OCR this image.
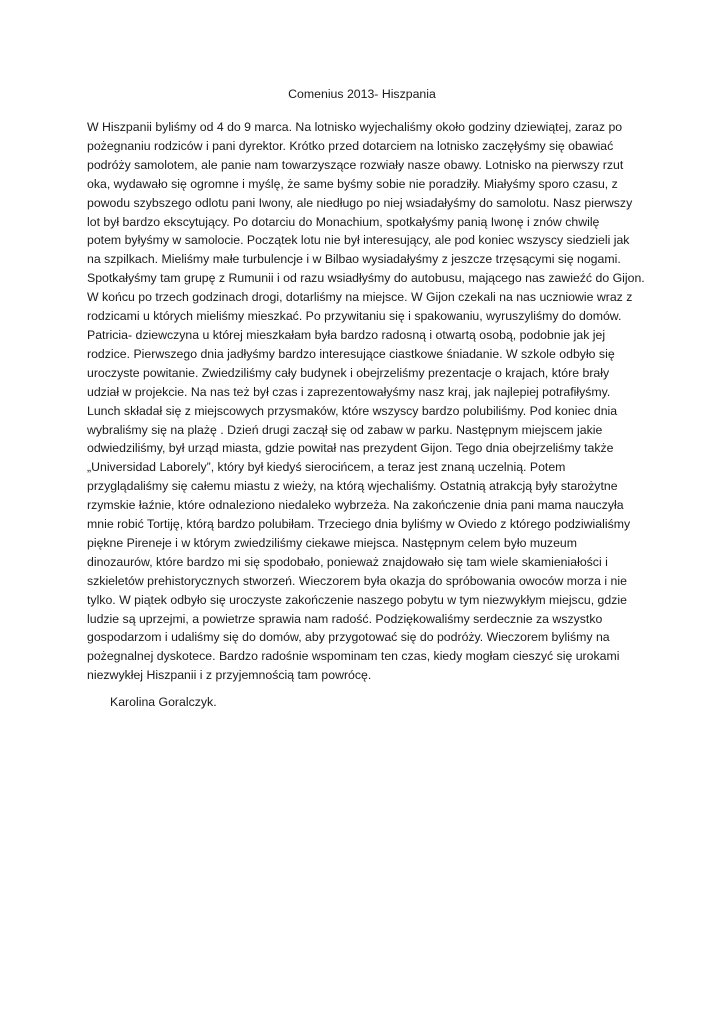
Comenius 2013- Hiszpania

W Hiszpanii byliśmy od 4 do 9 marca. Na lotnisko wyjechaliśmy około godziny dziewiątej, zaraz po
pożegnaniu rodziców i pani dyrektor. Krótko przed dotarciem na lotnisko zaczęłyśmy się obawiać
podróży samolotem, ale panie nam towarzyszące rozwiały nasze obawy. Lotnisko na pierwszy rzut
oka, wydawało się ogromne i myślę, że same byśmy sobie nie poradziły. Miałyśmy sporo czasu, z
powodu szybszego odlotu pani Iwony, ale niedługo po niej wsiadałyśmy do samolotu. Nasz pierwszy
lot był bardzo ekscytujący. Po dotarciu do Monachium, spotkałyśmy panią Iwonę i znów chwilę
potem byłyśmy w samolocie. Początek lotu nie był interesujący, ale pod koniec wszyscy siedzieli jak
na szpilkach. Mieliśmy małe turbulencje i w Bilbao wysiadałyśmy z jeszcze trzęsącymi się nogami.
Spotkałyśmy tam grupę z Rumunii i od razu wsiadłyśmy do autobusu, mającego nas zawieźć do Gijon.
W końcu po trzech godzinach drogi, dotarliśmy na miejsce. W Gijon czekali na nas uczniowie wraz z
rodzicami u których mieliśmy mieszkać. Po przywitaniu się i spakowaniu, wyruszyliśmy do domów.
Patricia- dziewczyna u której mieszkałam była bardzo radosną i otwartą osobą, podobnie jak jej
rodzice. Pierwszego dnia jadłyśmy bardzo interesujące ciastkowe śniadanie. W szkole odbyło się
uroczyste powitanie. Zwiedziliśmy cały budynek i obejrzeliśmy prezentacje o krajach, które brały
udział w projekcie. Na nas też był czas i zaprezentowałyśmy nasz kraj, jak najlepiej potrafiłyśmy.
Lunch składał się z miejscowych przysmaków, które wszyscy bardzo polubiliśmy. Pod koniec dnia
wybraliśmy się na plażę . Dzień drugi zaczął się od zabaw w parku. Następnym miejscem jakie
odwiedziliśmy, był urząd miasta, gdzie powitał nas prezydent Gijon. Tego dnia obejrzeliśmy także
„Universidad Laborely”, który był kiedyś sierocińcem, a teraz jest znaną uczelnią. Potem
przyglądaliśmy się całemu miastu z wieży, na którą wjechaliśmy. Ostatnią atrakcją były starożytne
rzymskie łaźnie, które odnaleziono niedaleko wybrzeża. Na zakończenie dnia pani mama nauczyła
mnie robić Tortiję, którą bardzo polubiłam. Trzeciego dnia byliśmy w Oviedo z którego podziwialiśmy
piękne Pireneje i w którym zwiedziliśmy ciekawe miejsca. Następnym celem było muzeum
dinozaurów, które bardzo mi się spodobało, ponieważ znajdowało się tam wiele skamieniałości i
szkieletów prehistorycznych stworzeń. Wieczorem była okazja do spróbowania owoców morza i nie
tylko. W piątek odbyło się uroczyste zakończenie naszego pobytu w tym niezwykłym miejscu, gdzie
ludzie są uprzejmi, a powietrze sprawia nam radość. Podziękowaliśmy serdecznie za wszystko
gospodarzom i udaliśmy się do domów, aby przygotować się do podróży. Wieczorem byliśmy na
pożegnalnej dyskotece. Bardzo radośnie wspominam ten czas, kiedy mogłam cieszyć się urokami
niezwykłej Hiszpanii i z przyjemnością tam powrócę.

Karolina Goralczyk.
